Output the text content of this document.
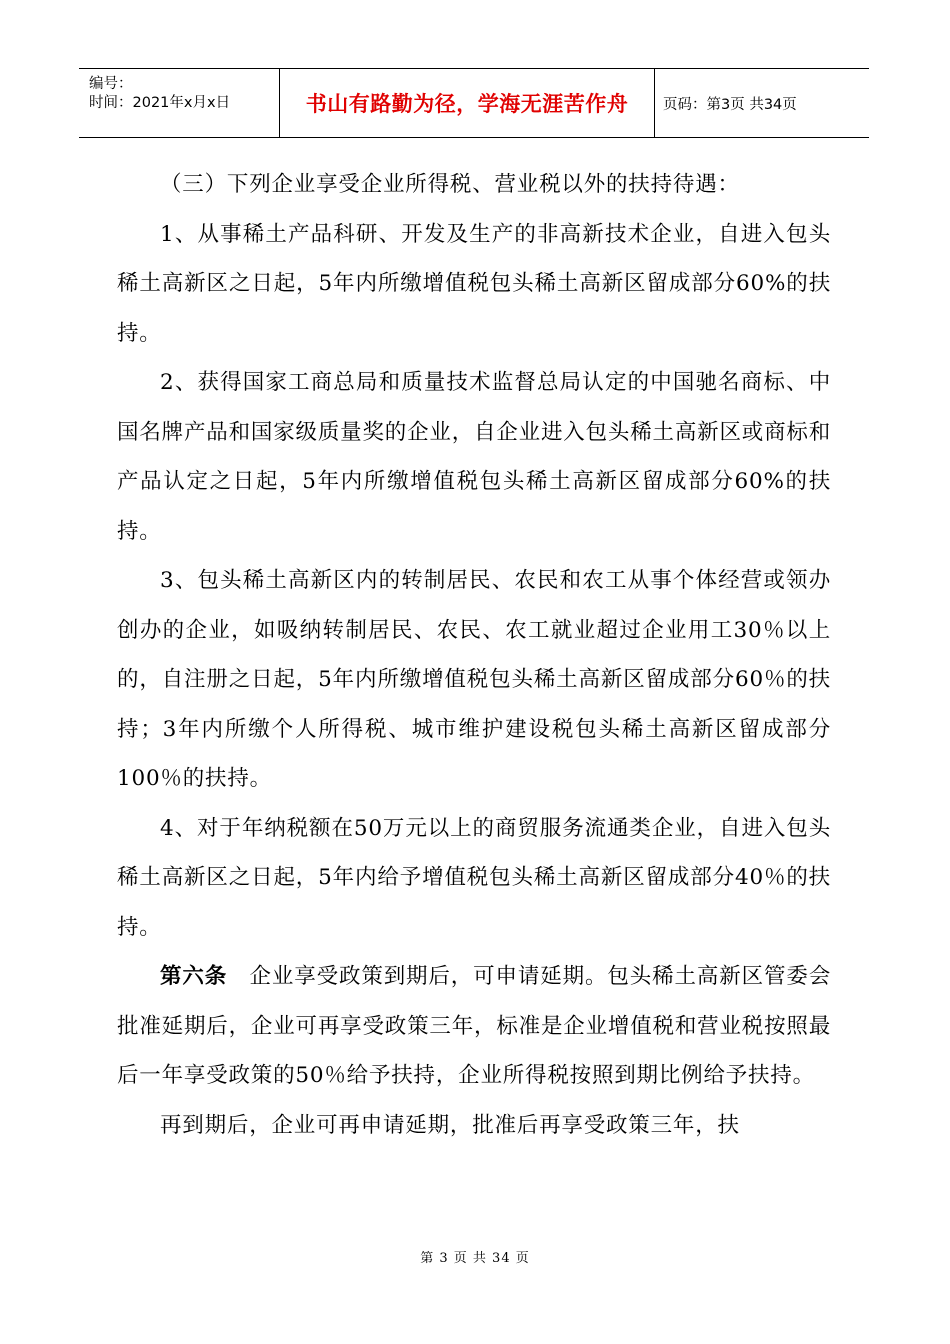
编号：
时间：2021年x月x日	书山有路勤为径，学海无涯苦作舟 页码：第3页 共34页

（三）下列企业享受企业所得税、营业税以外的扶持待遇：

1、从事稀土产品科研、开发及生产的非高新技术企业，自进入包头稀土高新区之日起，5年内所缴增值税包头稀土高新区留成部分60%的扶持。

2、获得国家工商总局和质量技术监督总局认定的中国驰名商标、中国名牌产品和国家级质量奖的企业，自企业进入包头稀土高新区或商标和产品认定之日起，5年内所缴增值税包头稀土高新区留成部分60%的扶持。

3、包头稀土高新区内的转制居民、农民和农工从事个体经营或领办创办的企业，如吸纳转制居民、农民、农工就业超过企业用工30％以上的，自注册之日起，5年内所缴增值税包头稀土高新区留成部分60％的扶持；3年内所缴个人所得税、城市维护建设税包头稀土高新区留成部分100％的扶持。

4、对于年纳税额在50万元以上的商贸服务流通类企业，自进入包头稀土高新区之日起，5年内给予增值税包头稀土高新区留成部分40％的扶持。

第六条　企业享受政策到期后，可申请延期。包头稀土高新区管委会批准延期后，企业可再享受政策三年，标准是企业增值税和营业税按照最后一年享受政策的50％给予扶持，企业所得税按照到期比例给予扶持。

再到期后，企业可再申请延期，批准后再享受政策三年，扶

第 3 页 共 34 页
